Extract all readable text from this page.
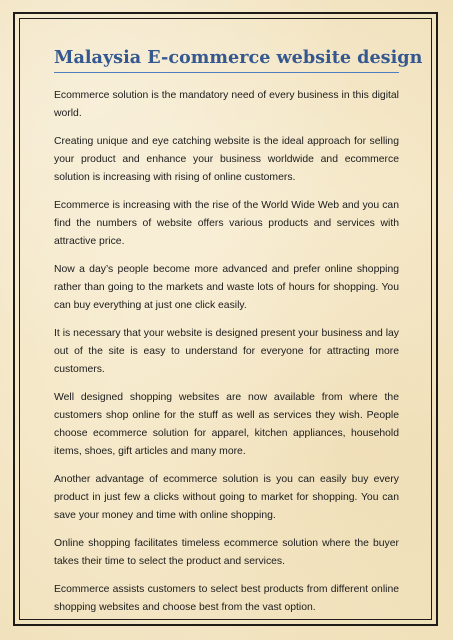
Malaysia E-commerce website design

Ecommerce solution is the mandatory need of every business in this digital world.

Creating unique and eye catching website is the ideal approach for selling your product and enhance your business worldwide and ecommerce solution is increasing with rising of online customers.

Ecommerce is increasing with the rise of the World Wide Web and you can find the numbers of website offers various products and services with attractive price.

Now a day’s people become more advanced and prefer online shopping rather than going to the markets and waste lots of hours for shopping. You can buy everything at just one click easily.

It is necessary that your website is designed present your business and lay out of the site is easy to understand for everyone for attracting more customers.

Well designed shopping websites are now available from where the customers shop online for the stuff as well as services they wish. People choose ecommerce solution for apparel, kitchen appliances, household items, shoes, gift articles and many more.

Another advantage of ecommerce solution is you can easily buy every product in just few a clicks without going to market for shopping. You can save your money and time with online shopping.

Online shopping facilitates timeless ecommerce solution where the buyer takes their time to select the product and services.

Ecommerce assists customers to select best products from different online shopping websites and choose best from the vast option.
